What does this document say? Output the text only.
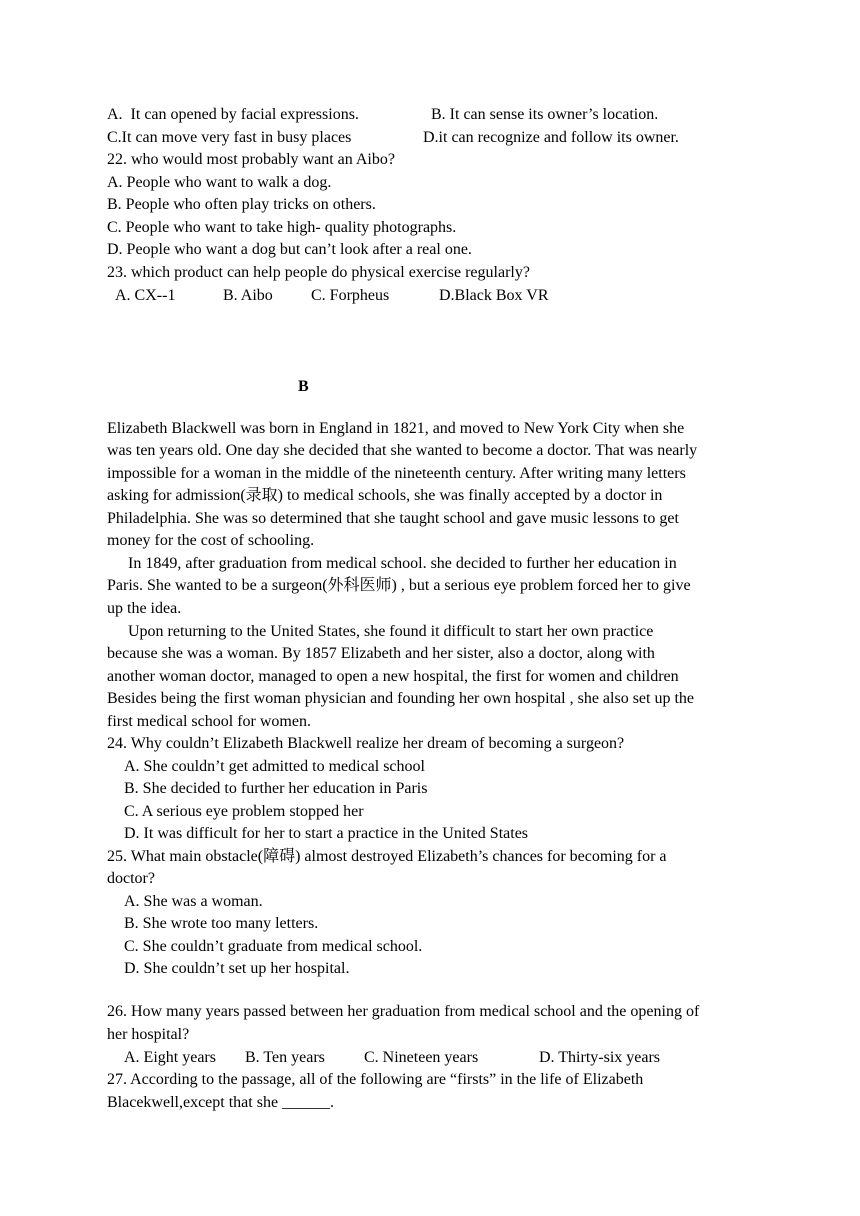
A.  It can opened by facial expressions.	B. It can sense its owner’s location.
C.It can move very fast in busy places	D.it can recognize and follow its owner.
22. who would most probably want an Aibo?
A. People who want to walk a dog.
B. People who often play tricks on others.
C. People who want to take high- quality photographs.
D. People who want a dog but can’t look after a real one.
23. which product can help people do physical exercise regularly?
A. CX--1	B. Aibo C. Forpheus	D.Black Box VR
B
Elizabeth Blackwell was born in England in 1821, and moved to New York City when she
was ten years old. One day she decided that she wanted to become a doctor. That was nearly
impossible for a woman in the middle of the nineteenth century. After writing many letters
asking for admission(录取) to medical schools, she was finally accepted by a doctor in
Philadelphia. She was so determined that she taught school and gave music lessons to get
money for the cost of schooling.
In 1849, after graduation from medical school. she decided to further her education in
Paris. She wanted to be a surgeon(外科医师) , but a serious eye problem forced her to give
up the idea.
Upon returning to the United States, she found it difficult to start her own practice
because she was a woman. By 1857 Elizabeth and her sister, also a doctor, along with
another woman doctor, managed to open a new hospital, the first for women and children
Besides being the first woman physician and founding her own hospital , she also set up the
first medical school for women.
24. Why couldn’t Elizabeth Blackwell realize her dream of becoming a surgeon?
A. She couldn’t get admitted to medical school
B. She decided to further her education in Paris
C. A serious eye problem stopped her
D. It was difficult for her to start a practice in the United States
25. What main obstacle(障碍) almost destroyed Elizabeth’s chances for becoming for a
doctor?
A. She was a woman.
B. She wrote too many letters.
C. She couldn’t graduate from medical school.
D. She couldn’t set up her hospital.
26. How many years passed between her graduation from medical school and the opening of
her hospital?
A. Eight years B. Ten years C. Nineteen years	D. Thirty-six years
27. According to the passage, all of the following are “firsts” in the life of Elizabeth
Blacekwell,except that she ______.
